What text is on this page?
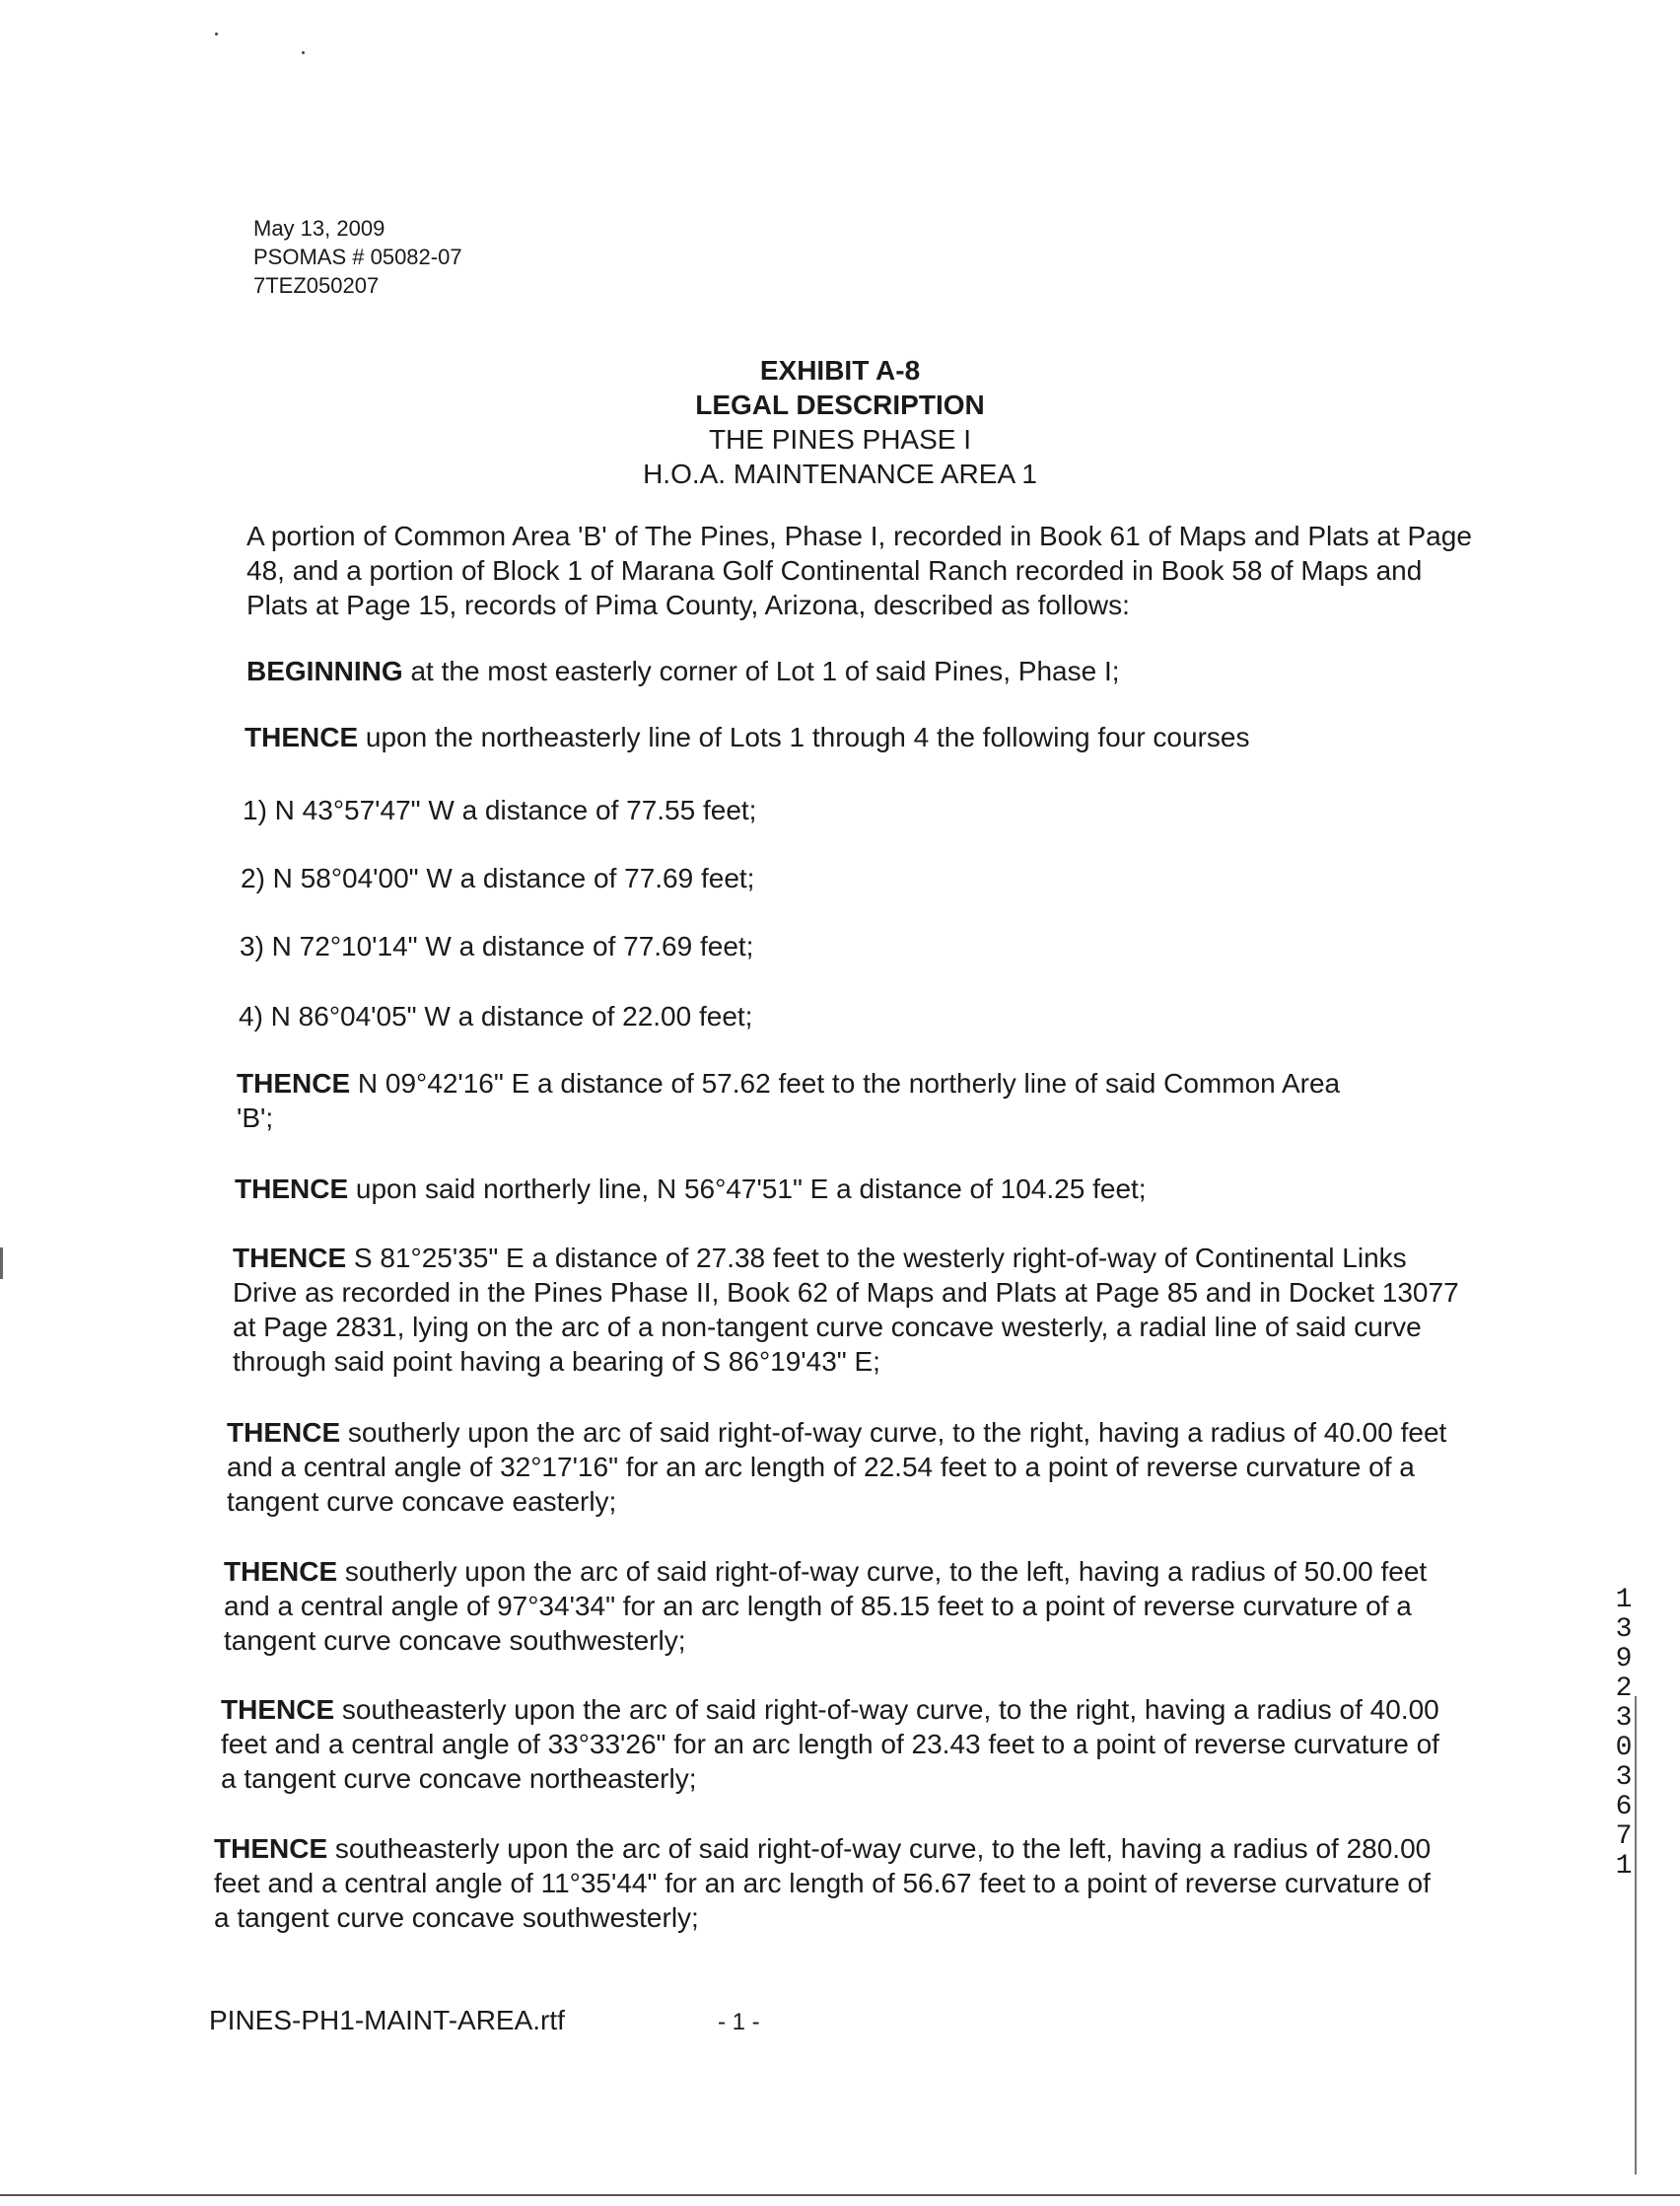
May 13, 2009
PSOMAS # 05082-07
7TEZ050207
EXHIBIT A-8
LEGAL DESCRIPTION
THE PINES PHASE I
H.O.A. MAINTENANCE AREA 1
A portion of Common Area 'B' of The Pines, Phase I, recorded in Book 61 of Maps and Plats at Page 48, and a portion of Block 1 of Marana Golf Continental Ranch recorded in Book 58 of Maps and Plats at Page 15, records of Pima County, Arizona, described as follows:
BEGINNING at the most easterly corner of Lot 1 of said Pines, Phase I;
THENCE upon the northeasterly line of Lots 1 through 4 the following four courses
1) N 43°57'47" W a distance of 77.55 feet;
2) N 58°04'00" W a distance of 77.69 feet;
3) N 72°10'14" W a distance of 77.69 feet;
4) N 86°04'05" W a distance of 22.00 feet;
THENCE N 09°42'16" E a distance of 57.62 feet to the northerly line of said Common Area 'B';
THENCE upon said northerly line, N 56°47'51" E a distance of 104.25 feet;
THENCE S 81°25'35" E a distance of 27.38 feet to the westerly right-of-way of Continental Links Drive as recorded in the Pines Phase II, Book 62 of Maps and Plats at Page 85 and in Docket 13077 at Page 2831, lying on the arc of a non-tangent curve concave westerly, a radial line of said curve through said point having a bearing of S 86°19'43" E;
THENCE southerly upon the arc of said right-of-way curve, to the right, having a radius of 40.00 feet and a central angle of 32°17'16" for an arc length of 22.54 feet to a point of reverse curvature of a tangent curve concave easterly;
THENCE southerly upon the arc of said right-of-way curve, to the left, having a radius of 50.00 feet and a central angle of 97°34'34" for an arc length of 85.15 feet to a point of reverse curvature of a tangent curve concave southwesterly;
THENCE southeasterly upon the arc of said right-of-way curve, to the right, having a radius of 40.00 feet and a central angle of 33°33'26" for an arc length of 23.43 feet to a point of reverse curvature of a tangent curve concave northeasterly;
THENCE southeasterly upon the arc of said right-of-way curve, to the left, having a radius of 280.00 feet and a central angle of 11°35'44" for an arc length of 56.67 feet to a point of reverse curvature of a tangent curve concave southwesterly;
PINES-PH1-MAINT-AREA.rtf	- 1 -
1
3
9
2
3
0
3
6
7
1
